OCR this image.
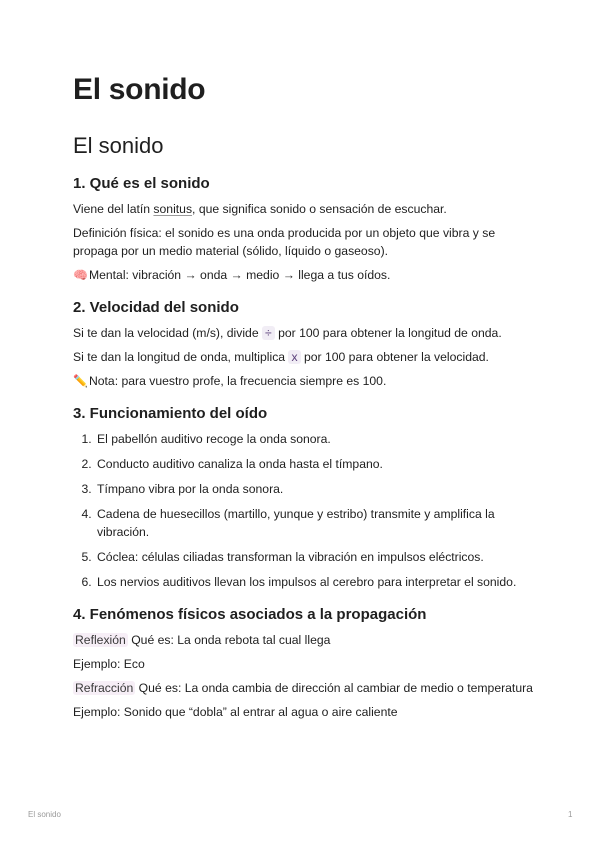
El sonido
El sonido
1. Qué es el sonido

Viene del latín sonitus, que significa sonido o sensación de escuchar.

Definición física: el sonido es una onda producida por un objeto que vibra y se propaga por un medio material (sólido, líquido o gaseoso).

🧠Mental: vibración → onda → medio → llega a tus oídos.

2. Velocidad del sonido

Si te dan la velocidad (m/s), divide ÷ por 100 para obtener la longitud de onda.

Si te dan la longitud de onda, multiplica x por 100 para obtener la velocidad.

✏️Nota: para vuestro profe, la frecuencia siempre es 100.

3. Funcionamiento del oído
1. El pabellón auditivo recoge la onda sonora.
2. Conducto auditivo canaliza la onda hasta el tímpano.
3. Tímpano vibra por la onda sonora.
4. Cadena de huesecillos (martillo, yunque y estribo) transmite y amplifica la vibración.
5. Cóclea: células ciliadas transforman la vibración en impulsos eléctricos.
6. Los nervios auditivos llevan los impulsos al cerebro para interpretar el sonido.
4. Fenómenos físicos asociados a la propagación

Reflexión Qué es: La onda rebota tal cual llega

Ejemplo: Eco

Refracción Qué es: La onda cambia de dirección al cambiar de medio o temperatura

Ejemplo: Sonido que “dobla” al entrar al agua o aire caliente

El sonido	1
